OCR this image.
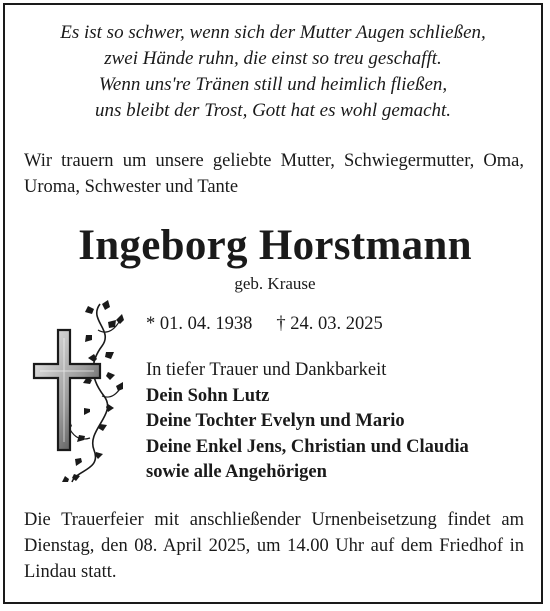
Es ist so schwer, wenn sich der Mutter Augen schließen,
zwei Hände ruhn, die einst so treu geschafft.
Wenn uns're Tränen still und heimlich fließen,
uns bleibt der Trost, Gott hat es wohl gemacht.
Wir trauern um unsere geliebte Mutter, Schwiegermutter, Oma, Uroma, Schwester und Tante
Ingeborg Horstmann
geb. Krause
* 01. 04. 1938 † 24. 03. 2025
In tiefer Trauer und Dankbarkeit
Dein Sohn Lutz
Deine Tochter Evelyn und Mario
Deine Enkel Jens, Christian und Claudia
sowie alle Angehörigen
Die Trauerfeier mit anschließender Urnenbeisetzung findet am Dienstag, den 08. April 2025, um 14.00 Uhr auf dem Friedhof in Lindau statt.
